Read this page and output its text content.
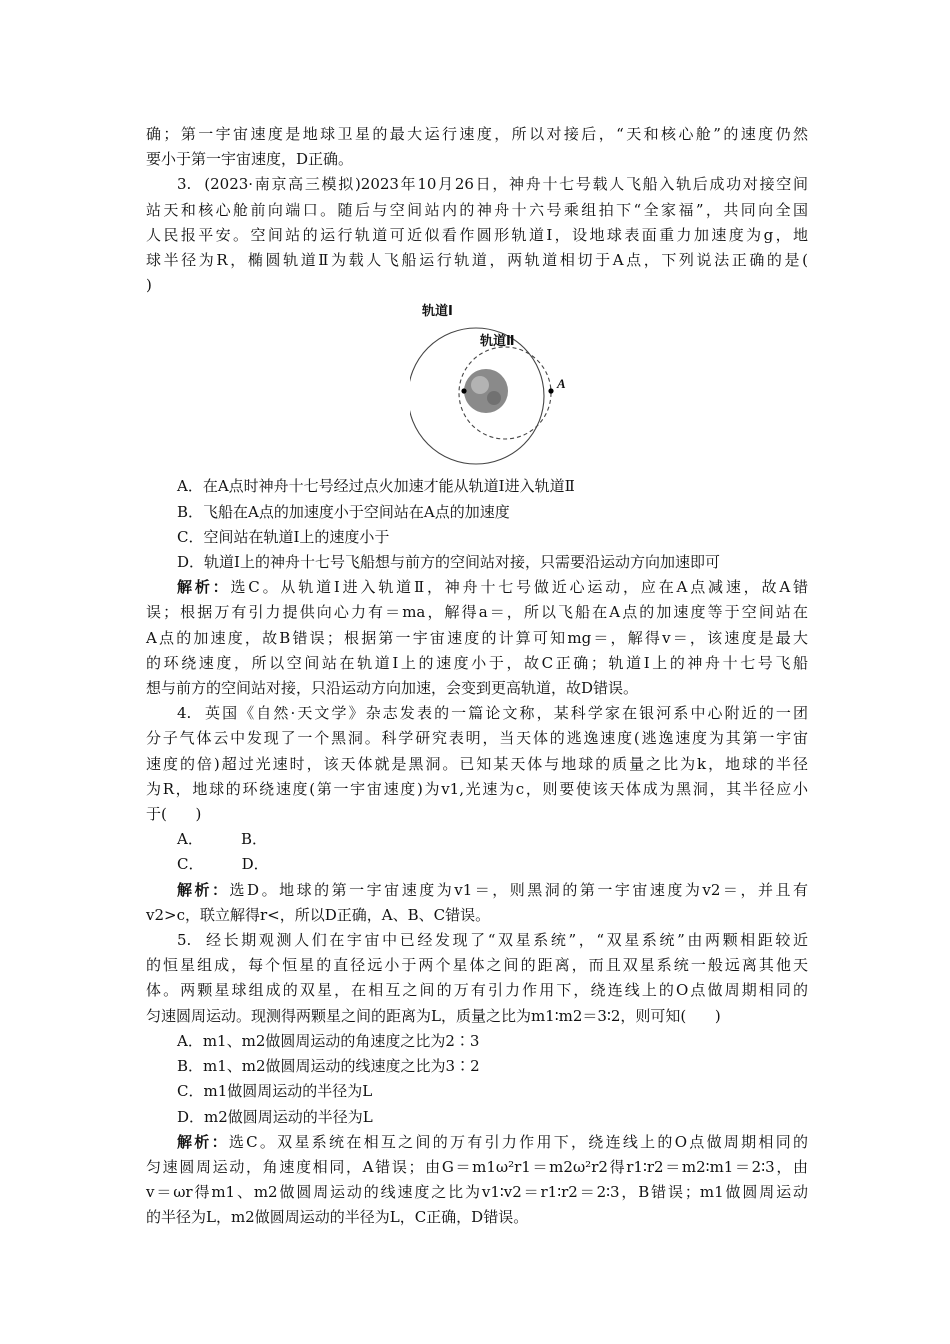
确；第一宇宙速度是地球卫星的最大运行速度，所以对接后，“天和核心舱”的速度仍然
要小于第一宇宙速度，D正确。
3.  (2023·南京高三模拟)2023年10月26日，神舟十七号载人飞船入轨后成功对接空间
站天和核心舱前向端口。随后与空间站内的神舟十六号乘组拍下“全家福”，共同向全国
人民报平安。空间站的运行轨道可近似看作圆形轨道Ⅰ，设地球表面重力加速度为g，地
球半径为R，椭圆轨道Ⅱ为载人飞船运行轨道，两轨道相切于A点，下列说法正确的是(
)
轨道Ⅰ
轨道Ⅱ
A
A．在A点时神舟十七号经过点火加速才能从轨道Ⅰ进入轨道Ⅱ
B．飞船在A点的加速度小于空间站在A点的加速度
C．空间站在轨道Ⅰ上的速度小于
D．轨道Ⅰ上的神舟十七号飞船想与前方的空间站对接，只需要沿运动方向加速即可
解析：选C。从轨道Ⅰ进入轨道Ⅱ，神舟十七号做近心运动，应在A点减速，故A错
误；根据万有引力提供向心力有＝ma，解得a＝，所以飞船在A点的加速度等于空间站在
A点的加速度，故B错误；根据第一宇宙速度的计算可知mg＝，解得v＝，该速度是最大
的环绕速度，所以空间站在轨道Ⅰ上的速度小于，故C正确；轨道Ⅰ上的神舟十七号飞船
想与前方的空间站对接，只沿运动方向加速，会变到更高轨道，故D错误。
4.  英国《自然·天文学》杂志发表的一篇论文称，某科学家在银河系中心附近的一团
分子气体云中发现了一个黑洞。科学研究表明，当天体的逃逸速度(逃逸速度为其第一宇宙
速度的倍)超过光速时，该天体就是黑洞。已知某天体与地球的质量之比为k，地球的半径
为R，地球的环绕速度(第一宇宙速度)为v1,光速为c，则要使该天体成为黑洞，其半径应小
于(      )
A．        B．
C．        D．
解析：选D。地球的第一宇宙速度为v1＝，则黑洞的第一宇宙速度为v2＝，并且有
v2>c，联立解得r<，所以D正确，A、B、C错误。
5.  经长期观测人们在宇宙中已经发现了“双星系统”，“双星系统”由两颗相距较近
的恒星组成，每个恒星的直径远小于两个星体之间的距离，而且双星系统一般远离其他天
体。两颗星球组成的双星，在相互之间的万有引力作用下，绕连线上的O点做周期相同的
匀速圆周运动。现测得两颗星之间的距离为L，质量之比为m1∶m2＝3∶2，则可知(      )
A．m1、m2做圆周运动的角速度之比为2∶3
B．m1、m2做圆周运动的线速度之比为3∶2
C．m1做圆周运动的半径为L
D．m2做圆周运动的半径为L
解析：选C。双星系统在相互之间的万有引力作用下，绕连线上的O点做周期相同的
匀速圆周运动，角速度相同，A错误；由G＝m1ω²r1＝m2ω²r2得r1∶r2＝m2∶m1＝2∶3，由
v＝ωr得m1、m2做圆周运动的线速度之比为v1∶v2＝r1∶r2＝2∶3，B错误；m1做圆周运动
的半径为L，m2做圆周运动的半径为L，C正确，D错误。
